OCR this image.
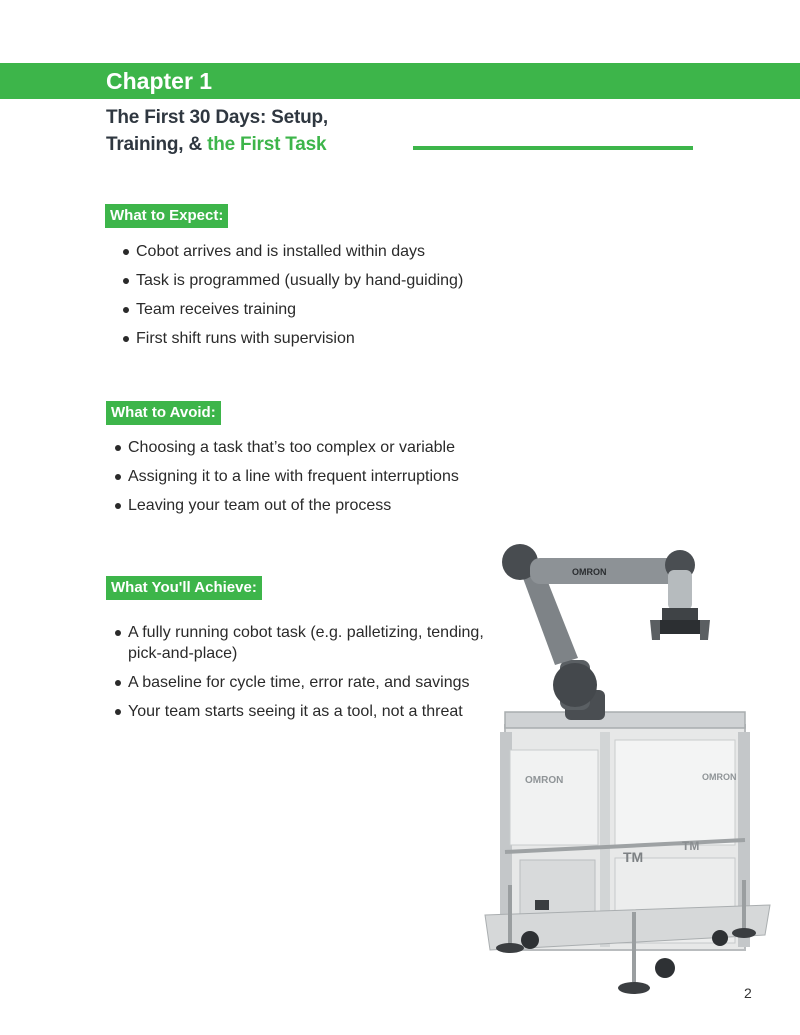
Chapter 1
The First 30 Days: Setup,
Training, & the First Task
What to Expect:
Cobot arrives and is installed within days
Task is programmed (usually by hand-guiding)
Team receives training
First shift runs with supervision
What to Avoid:
Choosing a task that’s too complex or variable
Assigning it to a line with frequent interruptions
Leaving your team out of the process
What You'll Achieve:
A fully running cobot task (e.g. palletizing, tending, pick-and-place)
A baseline for cycle time, error rate, and savings
Your team starts seeing it as a tool, not a threat
OMRON	OMRON
TM
TM
OMRON
2
